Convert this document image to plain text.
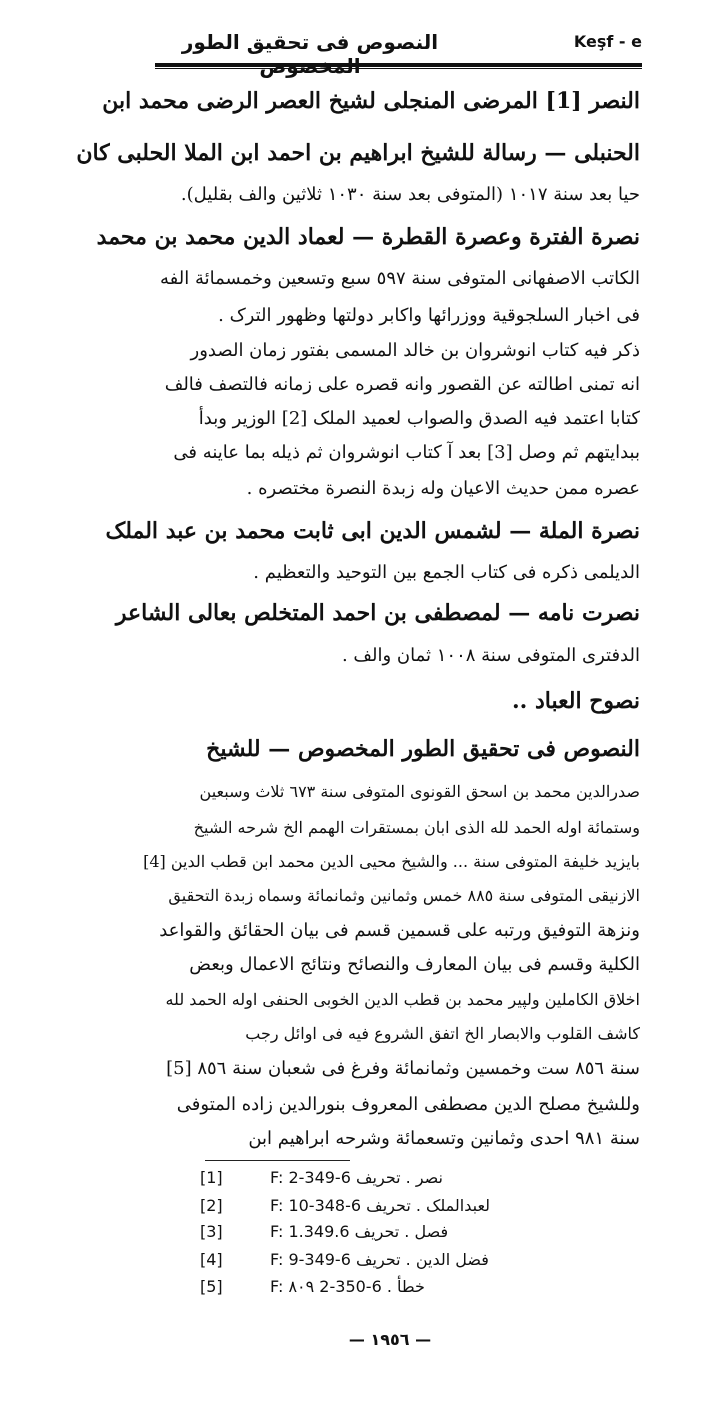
النصوص فی تحقیق الطور	Keşf - e
النصر [1] المرضی المنجلی لشیخ العصر الرضی محمد ابن
الحنبلی — رسالة للشیخ ابراهیم بن احمد ابن الملا الحلبی کان
حیا بعد سنة ١٠١٧ (المتوفی بعد سنة ١٠٣٠ ثلاثین والف بقلیل).
نصرة الفترة وعصرة القطرة — لعماد الدین محمد بن محمد
الکاتب الاصفهانی المتوفی سنة ٥٩٧ سبع وتسعین وخمسمائة الفه
فی اخبار السلجوقیة ووزرائها واکابر دولتها وظهور الترک .
ذکر فیه کتاب انوشروان بن خالد المسمی بفتور زمان الصدور
انه تمنی اطالته عن القصور وانه قصره علی زمانه فالتصف فالف
کتابا اعتمد فیه الصدق والصواب لعمید الملک [2] الوزیر وبدأ
ببدایتهم ثم وصل [3] بعد آ کتاب انوشروان ثم ذیله بما عاینه فی
عصره ممن حدیث الاعیان وله زبدة النصرة مختصره .
نصرة الملة — لشمس الدین ابی ثابت محمد بن عبد الملک
الدیلمی ذکره فی کتاب الجمع بین التوحید والتعظیم .
نصرت نامه — لمصطفی بن احمد المتخلص بعالی الشاعر
الدفتری المتوفی سنة ١٠٠٨ ثمان والف .
نصوح العباد ..
النصوص فی تحقیق الطور المخصوص — للشیخ
صدرالدین محمد بن اسحق القونوی المتوفی سنة ٦٧٣ ثلاث وسبعین
وستمائة اوله الحمد لله الذی ابان بمستقرات الهمم الخ شرحه الشیخ
بایزید خلیفة المتوفی سنة ... والشیخ محیی الدین محمد ابن قطب الدین [4]
الازنیقی المتوفی سنة ٨٨٥ خمس وثمانین وثمانمائة وسماه زبدة التحقیق
ونزهة التوفیق ورتبه علی قسمین قسم فی بیان الحقائق والقواعد
الکلیة وقسم فی بیان المعارف والنصائح ونتائج الاعمال وبعض
اخلاق الکاملین ولپیر محمد بن قطب الدین الخوبی الحنفی اوله الحمد لله
کاشف القلوب والابصار الخ اتفق الشروع فیه فی اوائل رجب
سنة ٨٥٦ ست وخمسین وثمانمائة وفرغ فی شعبان سنة ٨٥٦ [5]
وللشیخ مصلح الدین مصطفی المعروف بنورالدین زاده المتوفی
سنة ٩٨١ احدی وثمانین وتسعمائة وشرحه ابراهیم ابن
[1]	F: 2-349-6 نصر . تحریف
[2]	F: 10-348-6 لعبدالملک . تحریف
[3]	F: 1.349.6 فصل . تحریف
[4]	F: 9-349-6 فضل الدین . تحریف
[5]	F: ٨٠٩ 2-350-6 . خطأ
— ١٩٥٦ —
